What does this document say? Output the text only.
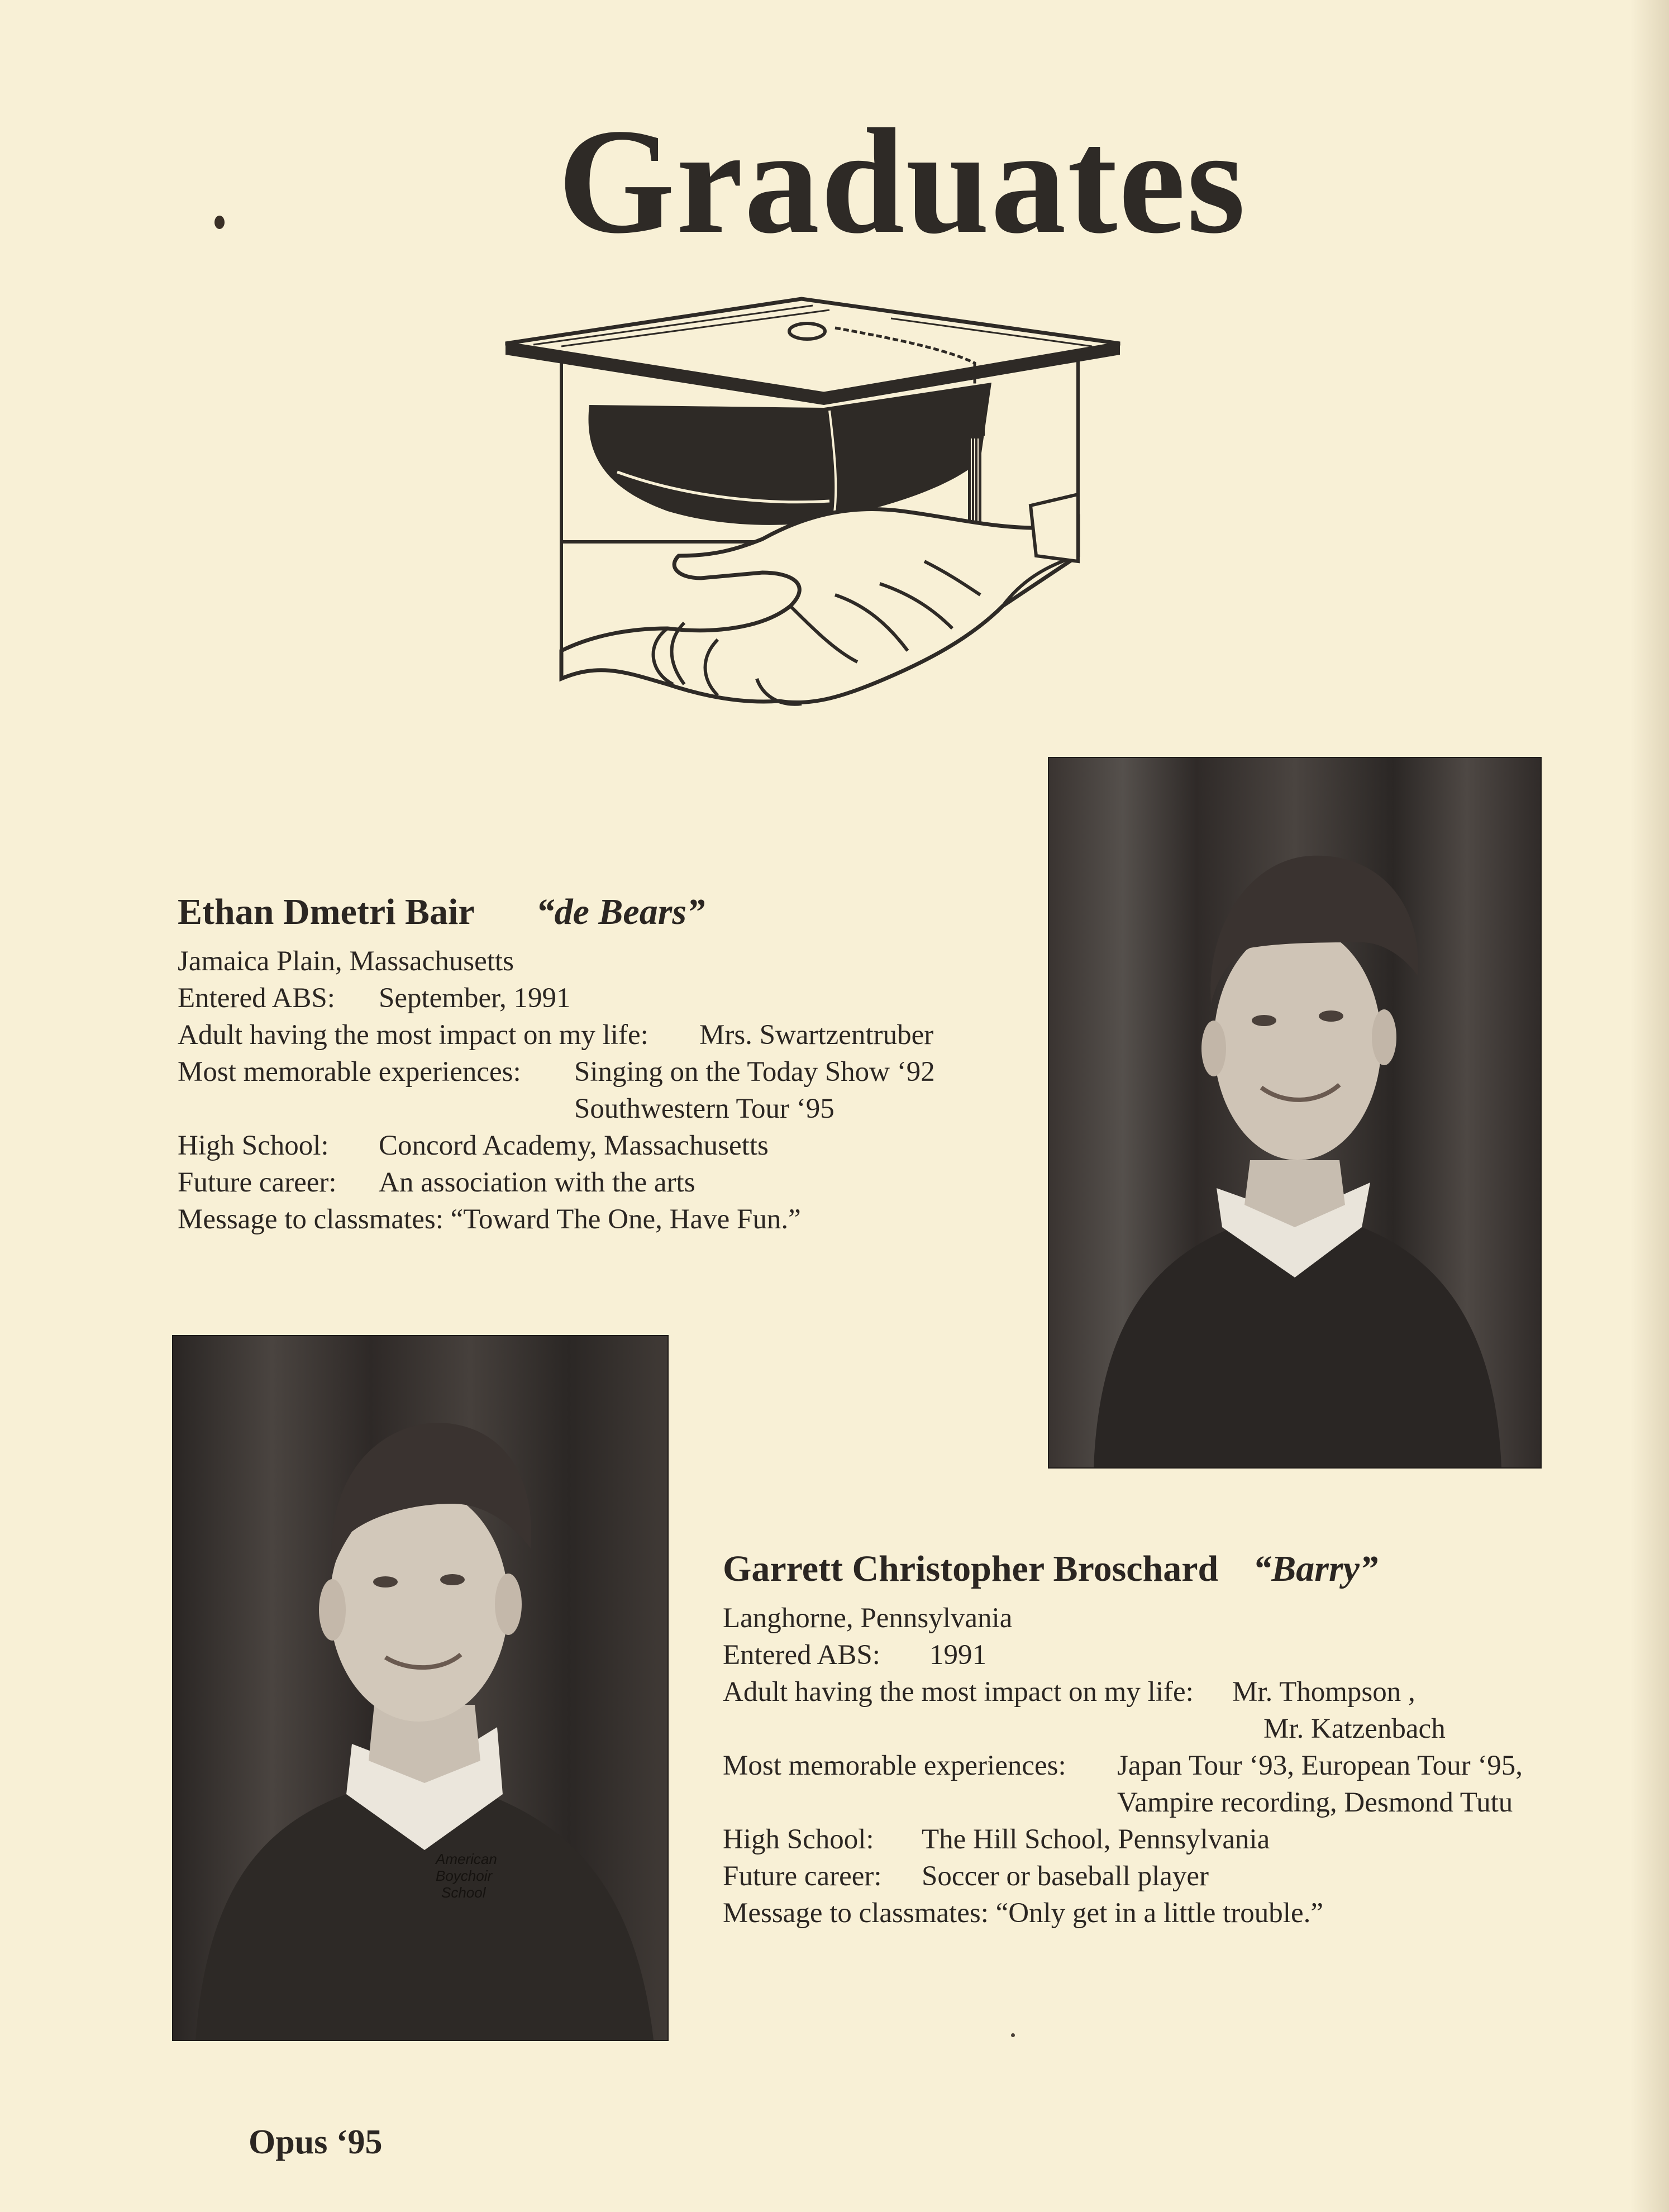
Graduates
Ethan Dmetri Bair “de Bears”
Jamaica Plain, Massachusetts
Entered ABS: September, 1991
Adult having the most impact on my life: Mrs. Swartzentruber
Most memorable experiences: Singing on the Today Show ‘92
Southwestern Tour ‘95
High School: Concord Academy, Massachusetts
Future career: An association with the arts
Message to classmates: “Toward The One, Have Fun.”
American
Boychoir
School
Garrett Christopher Broschard “Barry”
Langhorne, Pennsylvania
Entered ABS: 1991
Adult having the most impact on my life: Mr. Thompson ,
Mr. Katzenbach
Most memorable experiences: Japan Tour ‘93, European Tour ‘95,
Vampire recording, Desmond Tutu
High School: The Hill School, Pennsylvania
Future career: Soccer or baseball player
Message to classmates: “Only get in a little trouble.”
Opus ‘95
